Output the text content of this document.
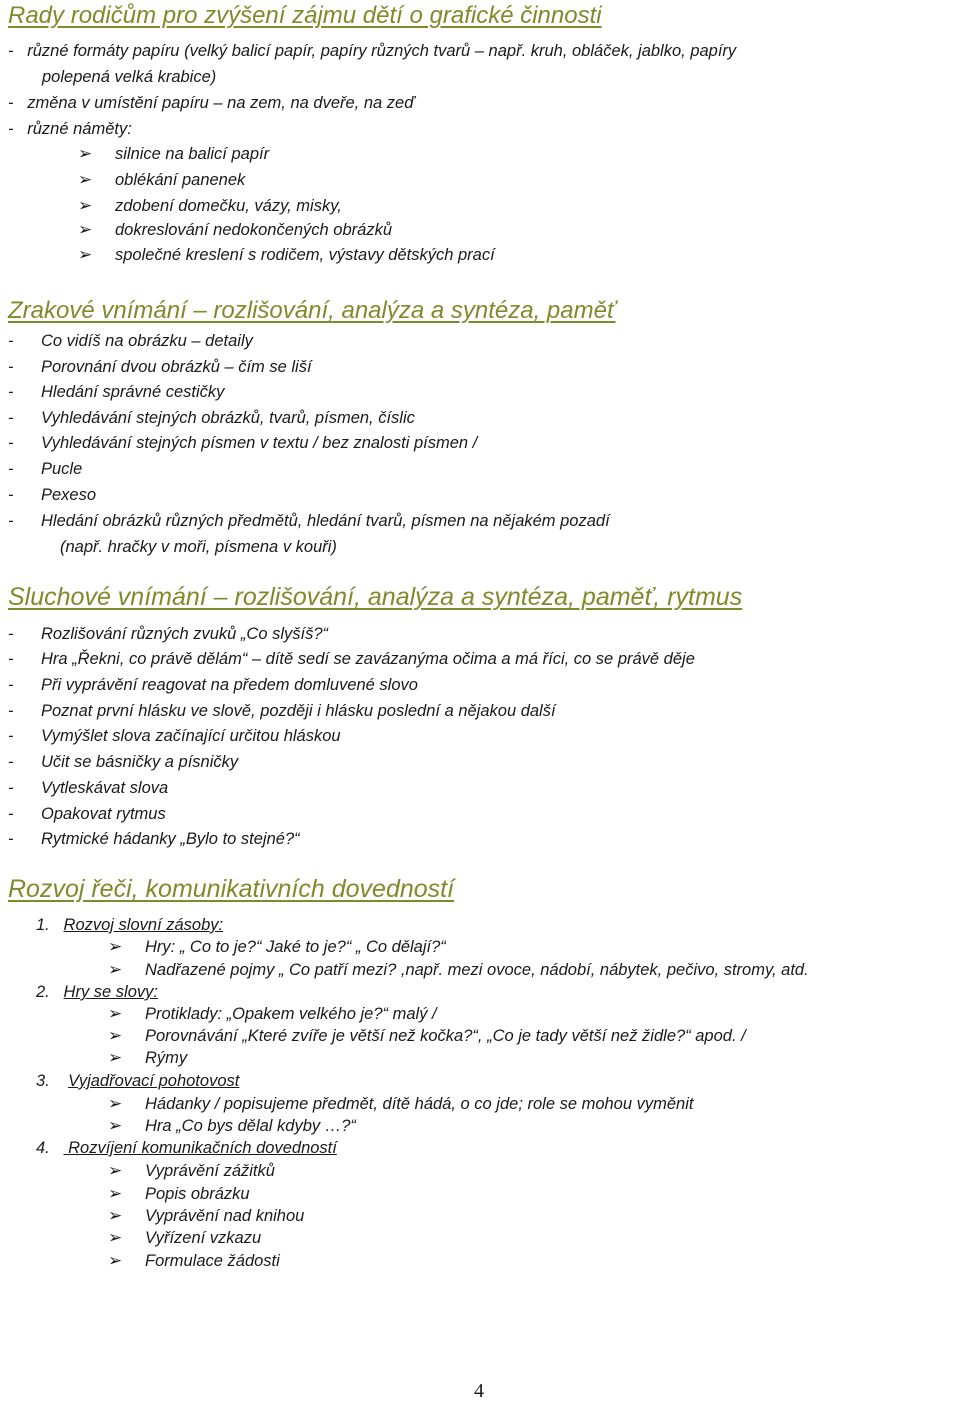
Rady rodičům pro zvýšení zájmu dětí o grafické činnosti
-   různé formáty papíru (velký balicí papír, papíry různých tvarů – např. kruh, obláček, jablko, papíry
polepená velká krabice)
-   změna v umístění papíru – na zem, na dveře, na zeď
-   různé náměty:
➢ silnice na balicí papír
➢ oblékání panenek
➢ zdobení domečku, vázy, misky,
➢ dokreslování nedokončených obrázků
➢ společné kreslení s rodičem, výstavy dětských prací
Zrakové vnímání – rozlišování, analýza a syntéza, paměť
-      Co vidíš na obrázku – detaily
-      Porovnání dvou obrázků – čím se liší
-      Hledání správné cestičky
-      Vyhledávání stejných obrázků, tvarů, písmen, číslic
-      Vyhledávání stejných písmen v textu / bez znalosti písmen /
-      Pucle
-      Pexeso
-      Hledání obrázků různých předmětů, hledání tvarů, písmen na nějakém pozadí
(např. hračky v moři, písmena v kouři)
Sluchové vnímání – rozlišování, analýza a syntéza, paměť, rytmus
-      Rozlišování různých zvuků „Co slyšíš?“
-      Hra „Řekni, co právě dělám“ – dítě sedí se zavázanýma očima a má říci, co se právě děje
-      Při vyprávění reagovat na předem domluvené slovo
-      Poznat první hlásku ve slově, později i hlásku poslední a nějakou další
-      Vymýšlet slova začínající určitou hláskou
-      Učit se básničky a písničky
-      Vytleskávat slova
-      Opakovat rytmus
-      Rytmické hádanky „Bylo to stejné?“
Rozvoj řeči, komunikativních dovedností
1. Rozvoj slovní zásoby:
➢ Hry: „ Co to je?“ Jaké to je?“ „ Co dělají?“
➢ Nadřazené pojmy „ Co patří mezi? ,např. mezi ovoce, nádobí, nábytek, pečivo, stromy, atd.
2. Hry se slovy:
➢ Protiklady: „Opakem velkého je?“ malý /
➢ Porovnávání „Které zvíře je větší než kočka?“, „Co je tady větší než židle?“ apod. /
➢ Rýmy
3. Vyjadřovací pohotovost
➢ Hádanky / popisujeme předmět, dítě hádá, o co jde; role se mohou vyměnit
➢ Hra „Co bys dělal kdyby …?“
4.    Rozvíjení komunikačních dovedností
➢ Vyprávění zážitků
➢ Popis obrázku
➢ Vyprávění nad knihou
➢ Vyřízení vzkazu
➢ Formulace žádosti
4
